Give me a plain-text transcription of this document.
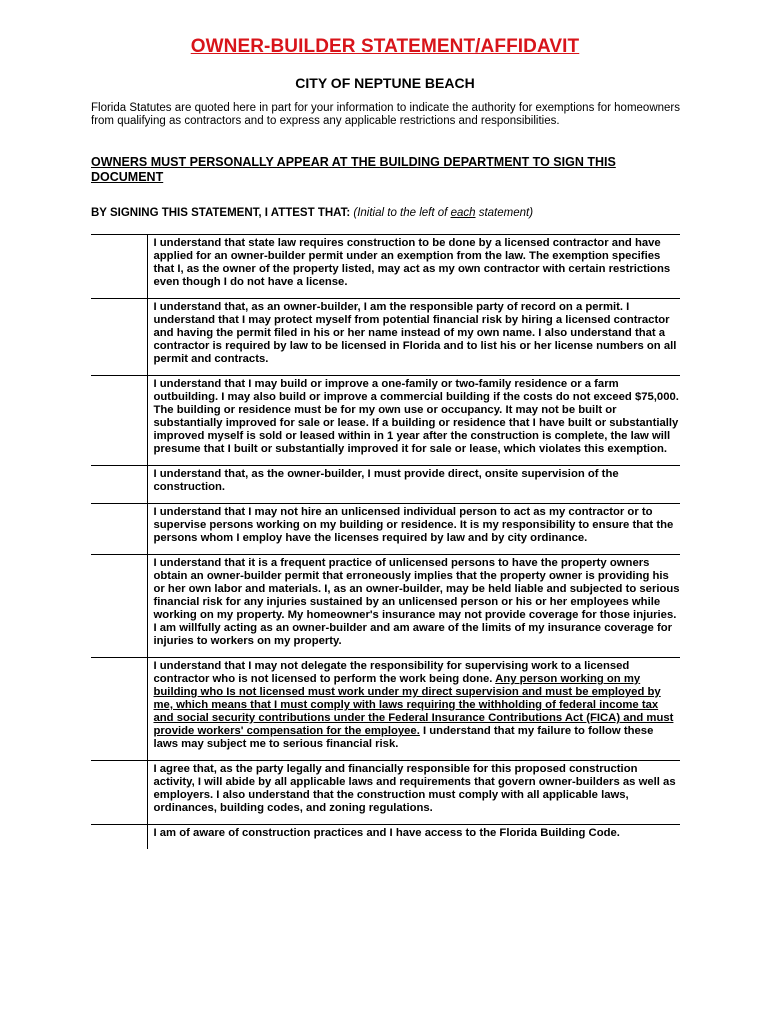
OWNER-BUILDER STATEMENT/AFFIDAVIT
CITY OF NEPTUNE BEACH
Florida Statutes are quoted here in part for your information to indicate the authority for exemptions for homeowners from qualifying as contractors and to express any applicable restrictions and responsibilities.
OWNERS MUST PERSONALLY APPEAR AT THE BUILDING DEPARTMENT TO SIGN THIS DOCUMENT
BY SIGNING THIS STATEMENT, I ATTEST THAT: (Initial to the left of each statement)
	I understand that state law requires construction to be done by a licensed contractor and have applied for an owner-builder permit under an exemption from the law. The exemption specifies that I, as the owner of the property listed, may act as my own contractor with certain restrictions even though I do not have a license.
	I understand that, as an owner-builder, I am the responsible party of record on a permit. I understand that I may protect myself from potential financial risk by hiring a licensed contractor and having the permit filed in his or her name instead of my own name. I also understand that a contractor is required by law to be licensed in Florida and to list his or her license numbers on all permit and contracts.
	I understand that I may build or improve a one-family or two-family residence or a farm outbuilding. I may also build or improve a commercial building if the costs do not exceed $75,000. The building or residence must be for my own use or occupancy. It may not be built or substantially improved for sale or lease. If a building or residence that I have built or substantially improved myself is sold or leased within in 1 year after the construction is complete, the law will presume that I built or substantially improved it for sale or lease, which violates this exemption.
	I understand that, as the owner-builder, I must provide direct, onsite supervision of the construction.
	I understand that I may not hire an unlicensed individual person to act as my contractor or to supervise persons working on my building or residence. It is my responsibility to ensure that the persons whom I employ have the licenses required by law and by city ordinance.
	I understand that it is a frequent practice of unlicensed persons to have the property owners obtain an owner-builder permit that erroneously implies that the property owner is providing his or her own labor and materials. I, as an owner-builder, may be held liable and subjected to serious financial risk for any injuries sustained by an unlicensed person or his or her employees while working on my property. My homeowner's insurance may not provide coverage for those injuries. I am willfully acting as an owner-builder and am aware of the limits of my insurance coverage for injuries to workers on my property.
	I understand that I may not delegate the responsibility for supervising work to a licensed contractor who is not licensed to perform the work being done. Any person working on my building who Is not licensed must work under my direct supervision and must be employed by me, which means that I must comply with laws requiring the withholding of federal income tax and social security contributions under the Federal Insurance Contributions Act (FICA) and must provide workers' compensation for the employee. I understand that my failure to follow these laws may subject me to serious financial risk.
	I agree that, as the party legally and financially responsible for this proposed construction activity, I will abide by all applicable laws and requirements that govern owner-builders as well as employers. I also understand that the construction must comply with all applicable laws, ordinances, building codes, and zoning regulations.
	I am of aware of construction practices and I have access to the Florida Building Code.
